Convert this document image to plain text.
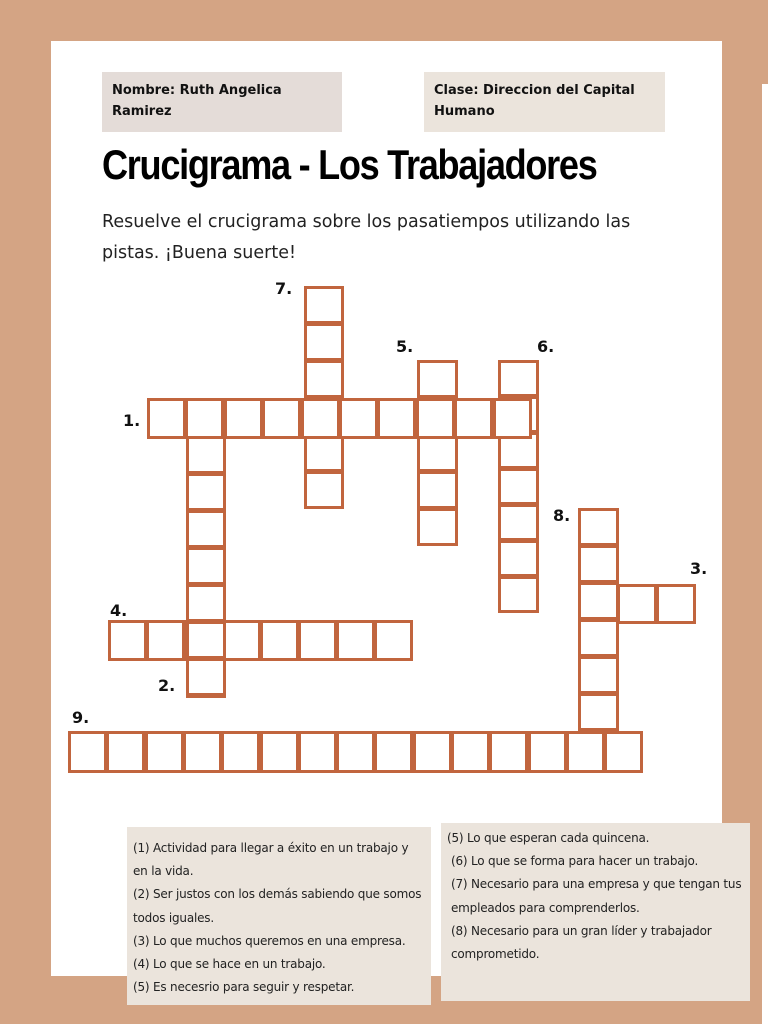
Nombre: Ruth Angelica Ramirez
Clase: Direccion del Capital Humano
Crucigrama - Los Trabajadores

Resuelve el crucigrama sobre los pasatiempos utilizando las pistas. ¡Buena suerte!

(1) Actividad para llegar a éxito en un trabajo y en la vida.

(2) Ser justos con los demás sabiendo que somos todos iguales.

(3) Lo que muchos queremos en una empresa.

(4) Lo que se hace en un trabajo.

(5) Es necesrio para seguir y respetar.

(5) Lo que esperan cada quincena.

(6) Lo que se forma para hacer un trabajo.

(7) Necesario para una empresa y que tengan tus empleados para comprenderlos.

(8) Necesario para un gran líder y trabajador comprometido.

1.
2.
3.
4.
5.	6.
7.
8.
9.
